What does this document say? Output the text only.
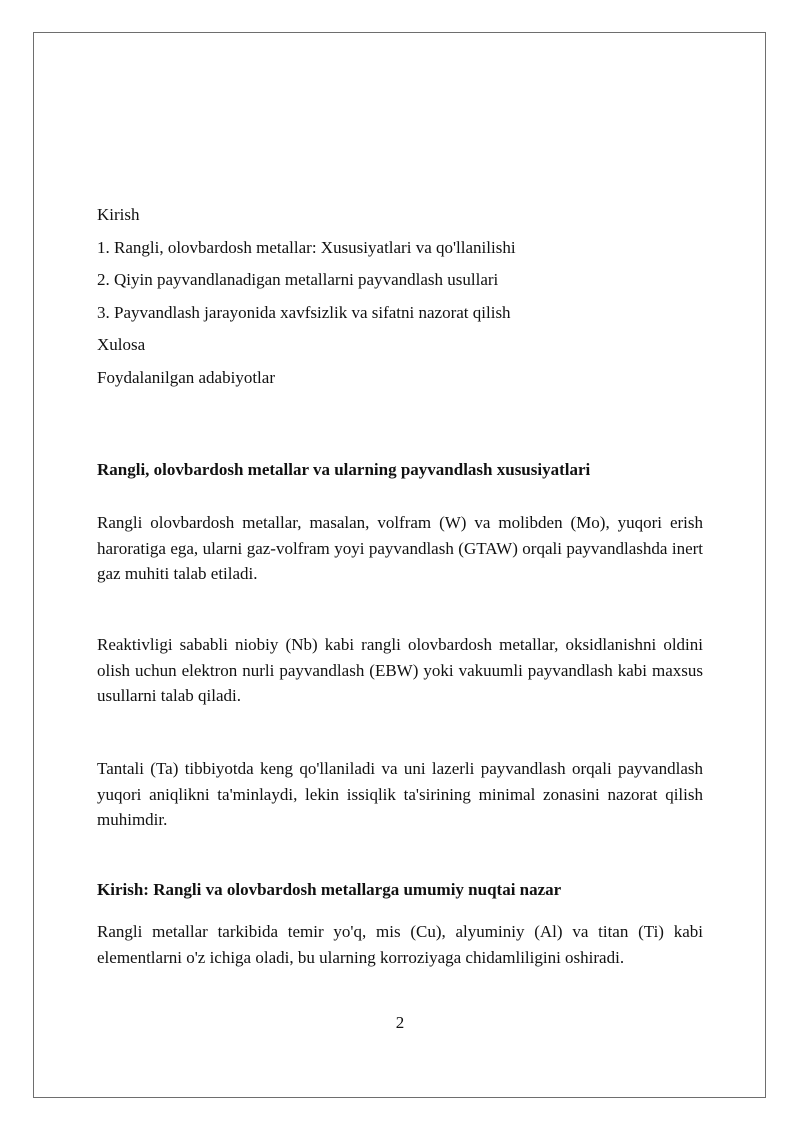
Kirish
1. Rangli, olovbardosh metallar: Xususiyatlari va qo'llanilishi
2. Qiyin payvandlanadigan metallarni payvandlash usullari
3. Payvandlash jarayonida xavfsizlik va sifatni nazorat qilish
Xulosa
Foydalanilgan adabiyotlar
Rangli, olovbardosh metallar va ularning payvandlash xususiyatlari
Rangli olovbardosh metallar, masalan, volfram (W) va molibden (Mo), yuqori erish haroratiga ega, ularni gaz-volfram yoyi payvandlash (GTAW) orqali payvandlashda inert gaz muhiti talab etiladi.
Reaktivligi sababli niobiy (Nb) kabi rangli olovbardosh metallar, oksidlanishni oldini olish uchun elektron nurli payvandlash (EBW) yoki vakuumli payvandlash kabi maxsus usullarni talab qiladi.
Tantali (Ta) tibbiyotda keng qo'llaniladi va uni lazerli payvandlash orqali payvandlash yuqori aniqlikni ta'minlaydi, lekin issiqlik ta'sirining minimal zonasini nazorat qilish muhimdir.
Kirish: Rangli va olovbardosh metallarga umumiy nuqtai nazar
Rangli metallar tarkibida temir yo'q, mis (Cu), alyuminiy (Al) va titan (Ti) kabi elementlarni o'z ichiga oladi, bu ularning korroziyaga chidamliligini oshiradi.
2
